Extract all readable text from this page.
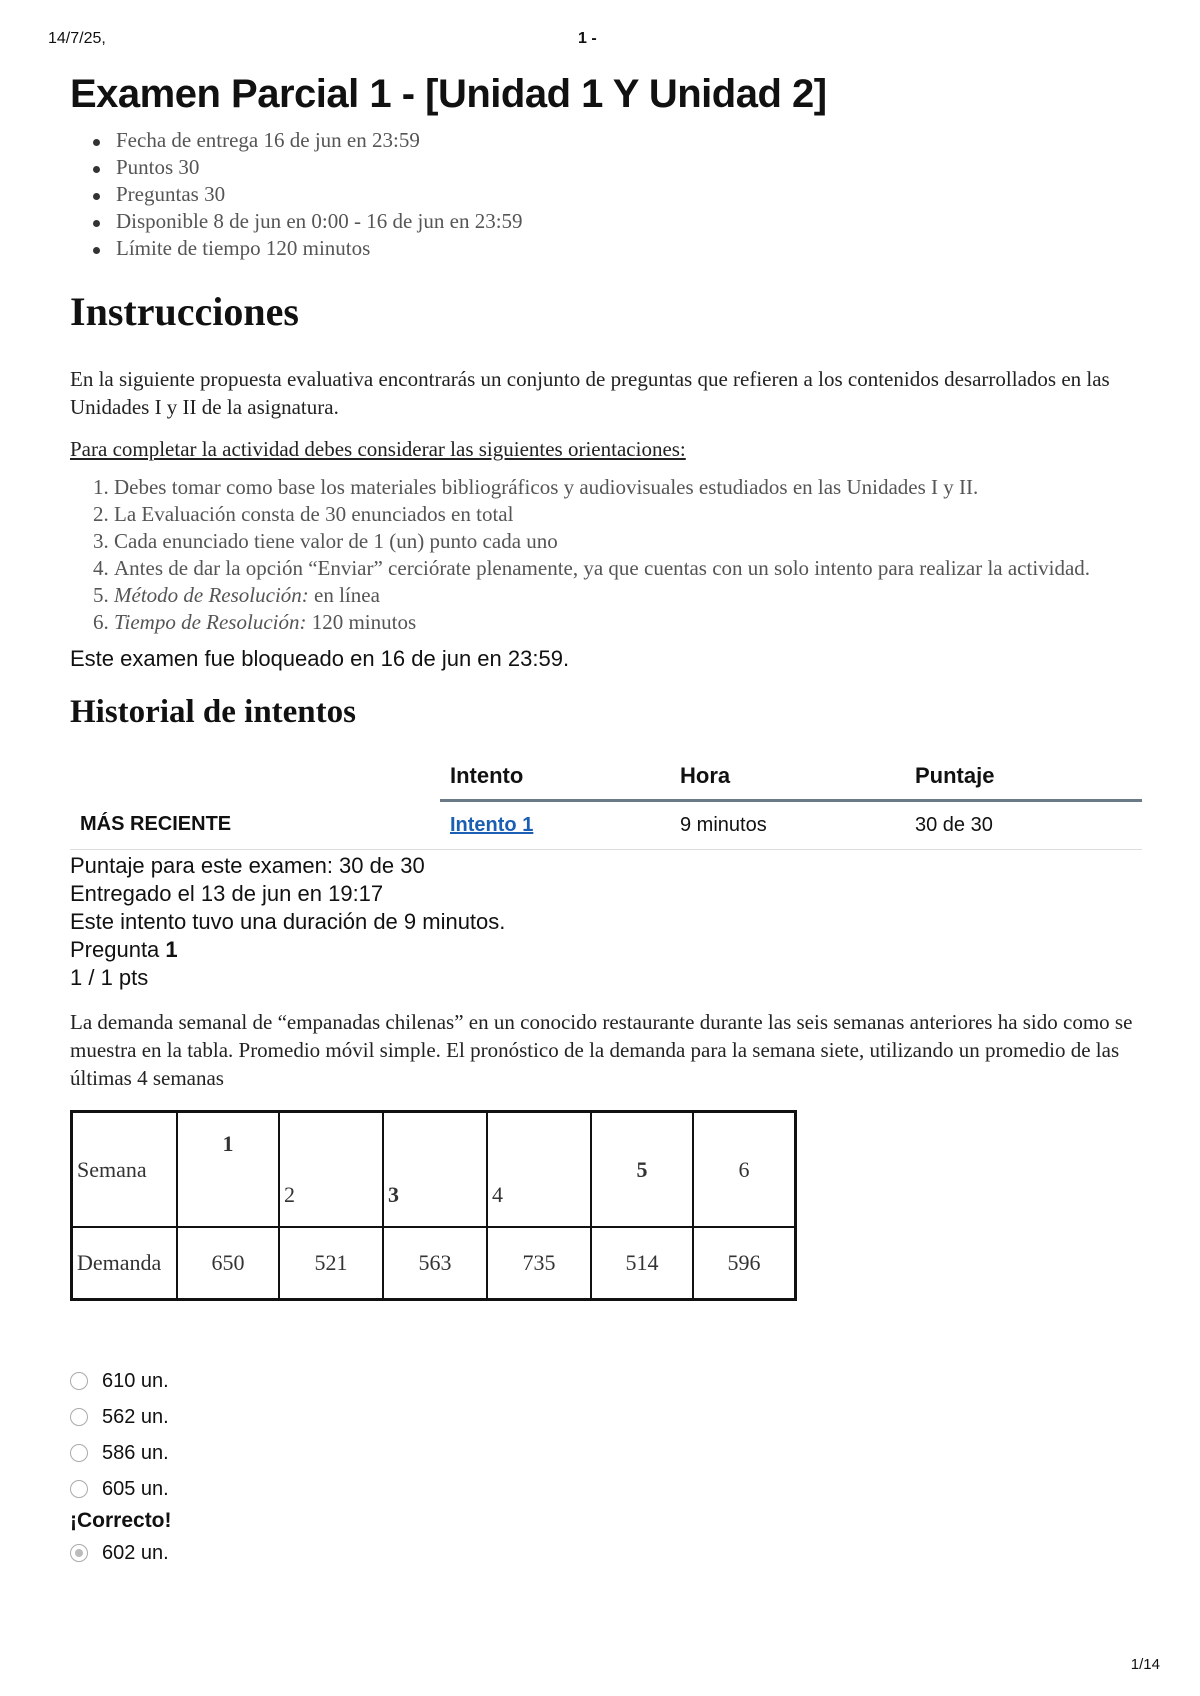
14/7/25,	1 -
Examen Parcial 1 - [Unidad 1 Y Unidad 2]
Fecha de entrega 16 de jun en 23:59
Puntos 30
Preguntas 30
Disponible 8 de jun en 0:00 - 16 de jun en 23:59
Límite de tiempo 120 minutos
Instrucciones

En la siguiente propuesta evaluativa encontrarás un conjunto de preguntas que refieren a los contenidos desarrollados en las Unidades I y II de la asignatura.

Para completar la actividad debes considerar las siguientes orientaciones:

1. Debes tomar como base los materiales bibliográficos y audiovisuales estudiados en las Unidades I y II.
2. La Evaluación consta de 30 enunciados en total
3. Cada enunciado tiene valor de 1 (un) punto cada uno
4. Antes de dar la opción “Enviar” cerciórate plenamente, ya que cuentas con un solo intento para realizar la actividad.
5. Método de Resolución: en línea
6. Tiempo de Resolución: 120 minutos

Este examen fue bloqueado en 16 de jun en 23:59.

Historial de intentos
	Intento	Hora	Puntaje
MÁS RECIENTE	Intento 1	9 minutos	30 de 30
Puntaje para este examen: 30 de 30
Entregado el 13 de jun en 19:17
Este intento tuvo una duración de 9 minutos.
Pregunta 1
1 / 1 pts

La demanda semanal de “empanadas chilenas” en un conocido restaurante durante las seis semanas anteriores ha sido como se muestra en la tabla. Promedio móvil simple. El pronóstico de la demanda para la semana siete, utilizando un promedio de las últimas 4 semanas

Semana	1	2	3	4	5	6
Demanda	650	521	563	735	514	596
610 un.
562 un.
586 un.
605 un.
¡Correcto!
602 un.
1/14
